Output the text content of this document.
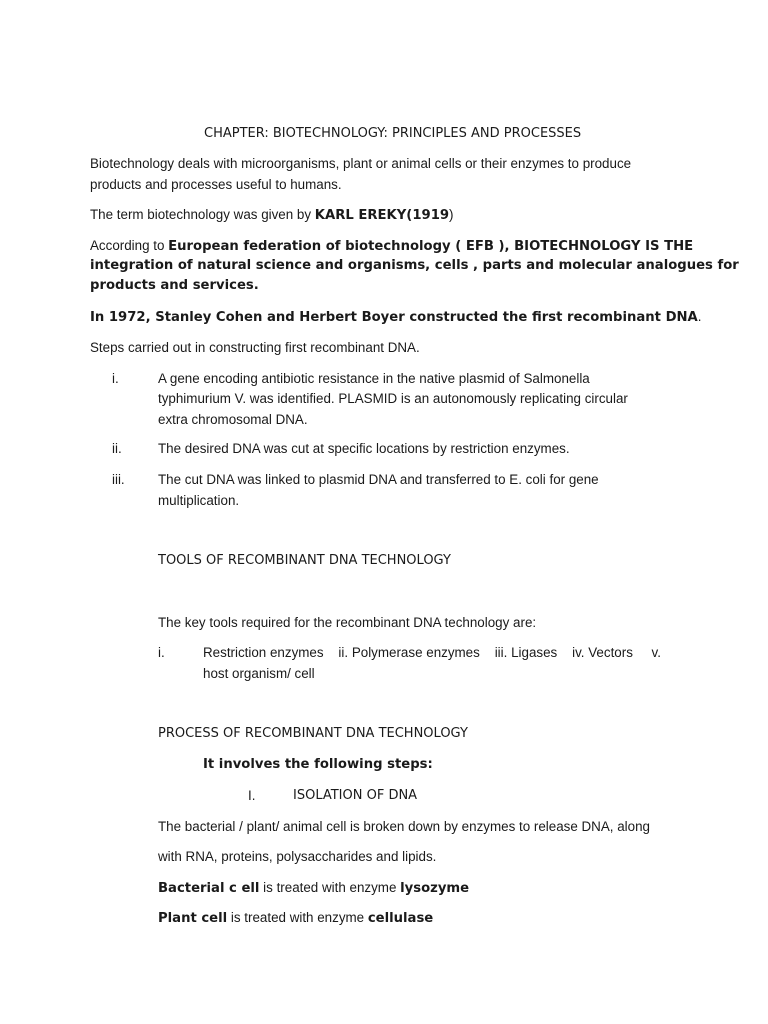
CHAPTER: BIOTECHNOLOGY: PRINCIPLES AND PROCESSES
Biotechnology deals with microorganisms, plant or animal cells or their enzymes to produce
products and processes useful to humans.
The term biotechnology was given by KARL EREKY(1919)
According to European federation of biotechnology ( EFB ), BIOTECHNOLOGY IS THE
integration of natural science and organisms, cells , parts and molecular analogues for
products and services.
In 1972, Stanley Cohen and Herbert Boyer constructed the first recombinant DNA.
Steps carried out in constructing first recombinant DNA.
i.	A gene encoding antibiotic resistance in the native plasmid of Salmonella
typhimurium V. was identified. PLASMID is an autonomously replicating circular
extra chromosomal DNA.
ii.	The desired DNA was cut at specific locations by restriction enzymes.
iii. The cut DNA was linked to plasmid DNA and transferred to E. coli for gene
multiplication.
TOOLS OF RECOMBINANT DNA TECHNOLOGY
The key tools required for the recombinant DNA technology are:
i.	Restriction enzymes    ii. Polymerase enzymes    iii. Ligases    iv. Vectors     v.
host organism/ cell
PROCESS OF RECOMBINANT DNA TECHNOLOGY
It involves the following steps:
I.	ISOLATION OF DNA
The bacterial / plant/ animal cell is broken down by enzymes to release DNA, along
with RNA, proteins, polysaccharides and lipids.
Bacterial c ell is treated with enzyme lysozyme
Plant cell is treated with enzyme cellulase
